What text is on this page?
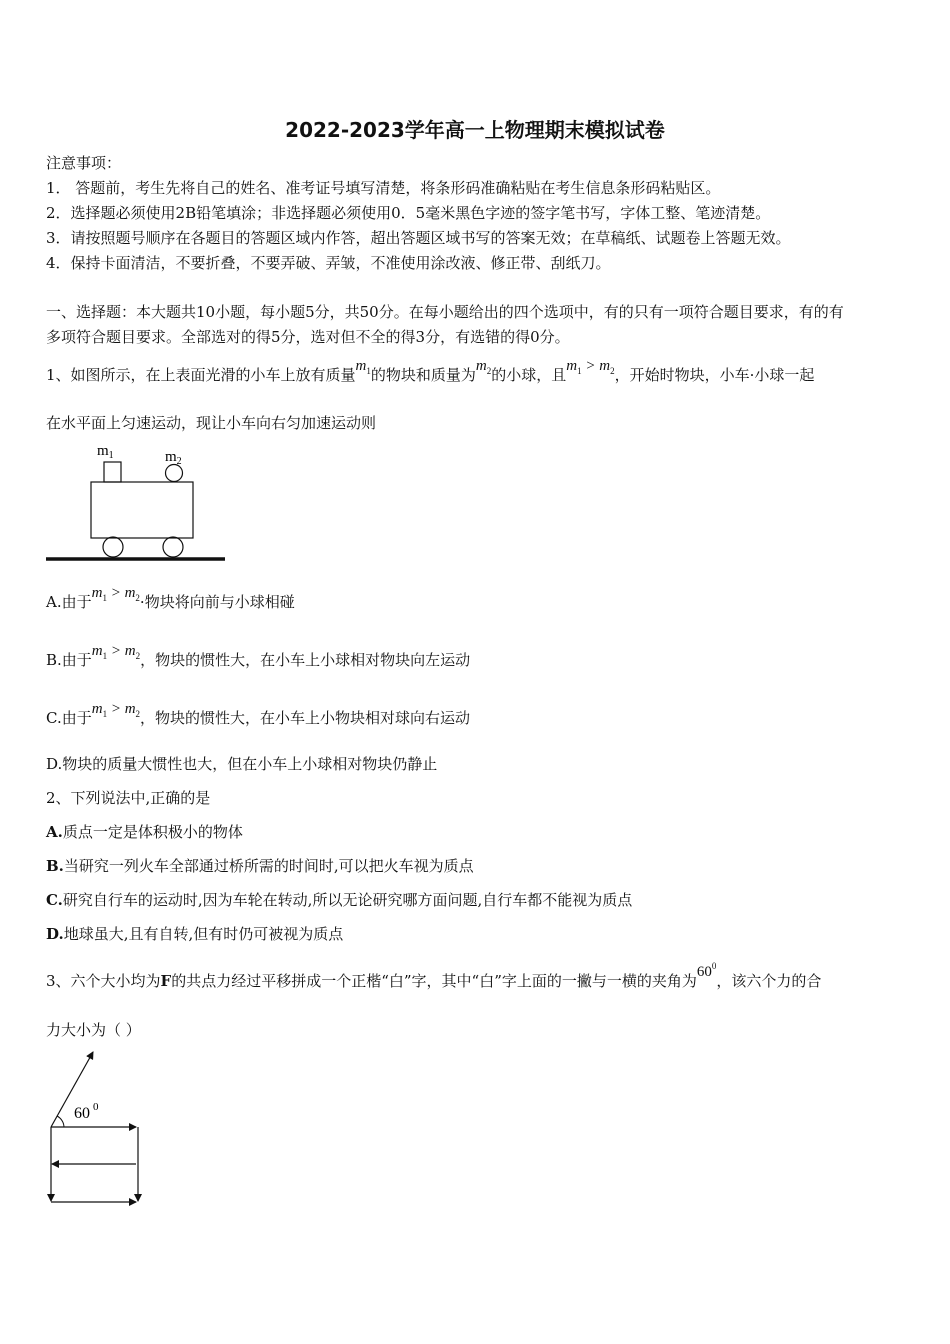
2022-2023学年高一上物理期末模拟试卷
注意事项：
1． 答题前，考生先将自己的姓名、准考证号填写清楚，将条形码准确粘贴在考生信息条形码粘贴区。
2．选择题必须使用2B铅笔填涂；非选择题必须使用0．5毫米黑色字迹的签字笔书写，字体工整、笔迹清楚。
3．请按照题号顺序在各题目的答题区域内作答，超出答题区域书写的答案无效；在草稿纸、试题卷上答题无效。
4．保持卡面清洁，不要折叠，不要弄破、弄皱，不准使用涂改液、修正带、刮纸刀。
一、选择题：本大题共10小题，每小题5分，共50分。在每小题给出的四个选项中，有的只有一项符合题目要求，有的有
多项符合题目要求。全部选对的得5分，选对但不全的得3分，有选错的得0分。
1、如图所示，在上表面光滑的小车上放有质量$m_1$的物块和质量为$m_2$的小球，且$m_1 > m_2$，开始时物块，小车·小球一起
在水平面上匀速运动，现让小车向右匀加速运动则
$m_1$	$m_2$
A.由于$m_1 > m_2\cdot$物块将向前与小球相碰
B.由于$m_1 > m_2$，物块的惯性大，在小车上小球相对物块向左运动
C.由于$m_1 > m_2$，物块的惯性大，在小车上小物块相对球向右运动
D.物块的质量大惯性也大，但在小车上小球相对物块仍静止
2、下列说法中,正确的是
A.质点一定是体积极小的物体
B.当研究一列火车全部通过桥所需的时间时,可以把火车视为质点
C.研究自行车的运动时,因为车轮在转动,所以无论研究哪方面问题,自行车都不能视为质点
D.地球虽大,且有自转,但有时仍可被视为质点
3、六个大小均为F的共点力经过平移拼成一个正楷“白”字，其中“白”字上面的一撇与一横的夹角为$60^0$，该六个力的合
力大小为（ ）
60 $^0$
